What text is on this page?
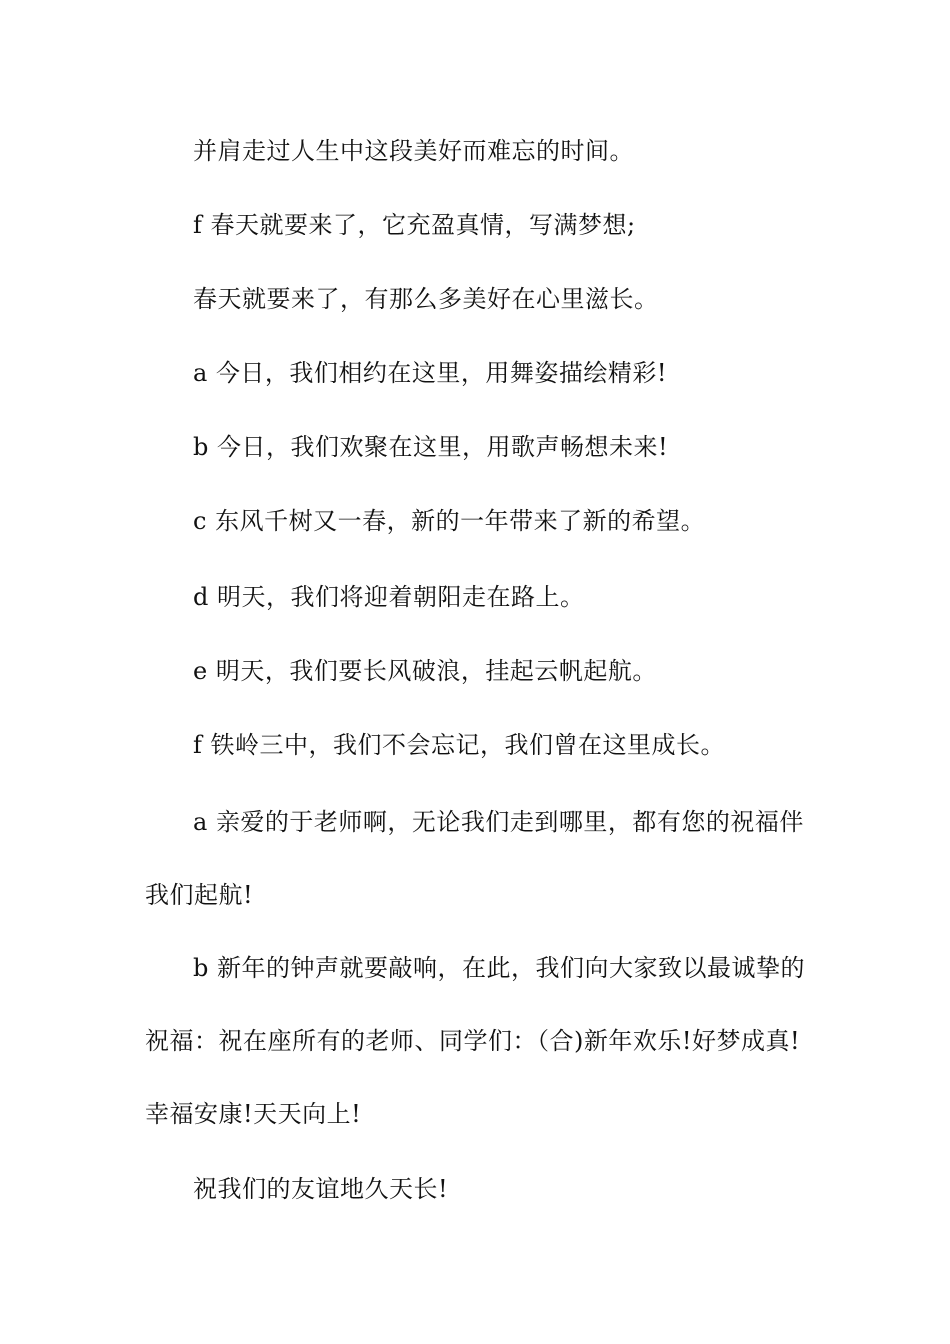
并肩走过人生中这段美好而难忘的时间。

f 春天就要来了，它充盈真情，写满梦想;

春天就要来了，有那么多美好在心里滋长。

a 今日，我们相约在这里，用舞姿描绘精彩!

b 今日，我们欢聚在这里，用歌声畅想未来!

c 东风千树又一春，新的一年带来了新的希望。

d 明天，我们将迎着朝阳走在路上。

e 明天，我们要长风破浪，挂起云帆起航。

f 铁岭三中，我们不会忘记，我们曾在这里成长。

a 亲爱的于老师啊，无论我们走到哪里，都有您的祝福伴我们起航!

b 新年的钟声就要敲响，在此，我们向大家致以最诚挚的祝福：祝在座所有的老师、同学们：（合)新年欢乐!好梦成真!幸福安康!天天向上!

祝我们的友谊地久天长!
